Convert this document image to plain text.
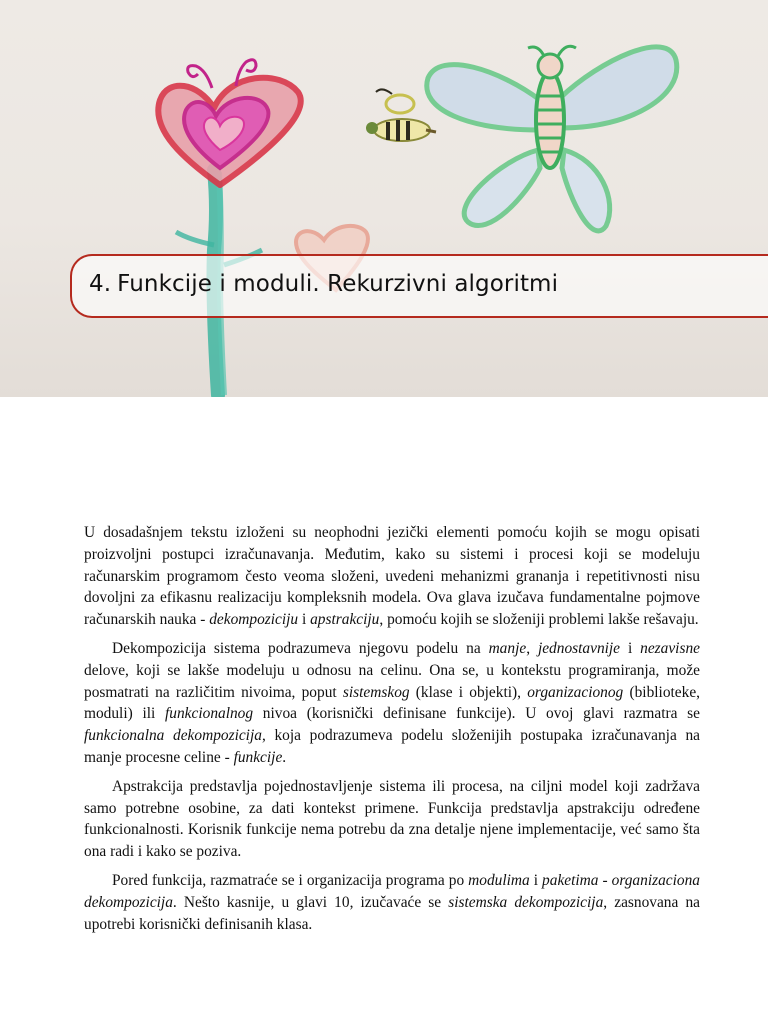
4. Funkcije i moduli. Rekurzivni algoritmi

U dosadašnjem tekstu izloženi su neophodni jezički elementi pomoću kojih se mogu opisati proizvoljni postupci izračunavanja. Međutim, kako su sistemi i procesi koji se modeluju računarskim programom često veoma složeni, uvedeni mehanizmi grananja i repetitivnosti nisu dovoljni za efikasnu realizaciju kompleksnih modela. Ova glava izučava fundamentalne pojmove računarskih nauka - dekompoziciju i apstrakciju, pomoću kojih se složeniji problemi lakše rešavaju.

Dekompozicija sistema podrazumeva njegovu podelu na manje, jednostavnije i nezavisne delove, koji se lakše modeluju u odnosu na celinu. Ona se, u kontekstu programiranja, može posmatrati na različitim nivoima, poput sistemskog (klase i objekti), organizacionog (biblioteke, moduli) ili funkcionalnog nivoa (korisnički definisane funkcije). U ovoj glavi razmatra se funkcionalna dekompozicija, koja podrazumeva podelu složenijih postupaka izračunavanja na manje procesne celine - funkcije.

Apstrakcija predstavlja pojednostavljenje sistema ili procesa, na ciljni model koji zadržava samo potrebne osobine, za dati kontekst primene. Funkcija predstavlja apstrakciju određene funkcionalnosti. Korisnik funkcije nema potrebu da zna detalje njene implementacije, već samo šta ona radi i kako se poziva.

Pored funkcija, razmatraće se i organizacija programa po modulima i paketima - organizaciona dekompozicija. Nešto kasnije, u glavi 10, izučavaće se sistemska dekompozicija, zasnovana na upotrebi korisnički definisanih klasa.
